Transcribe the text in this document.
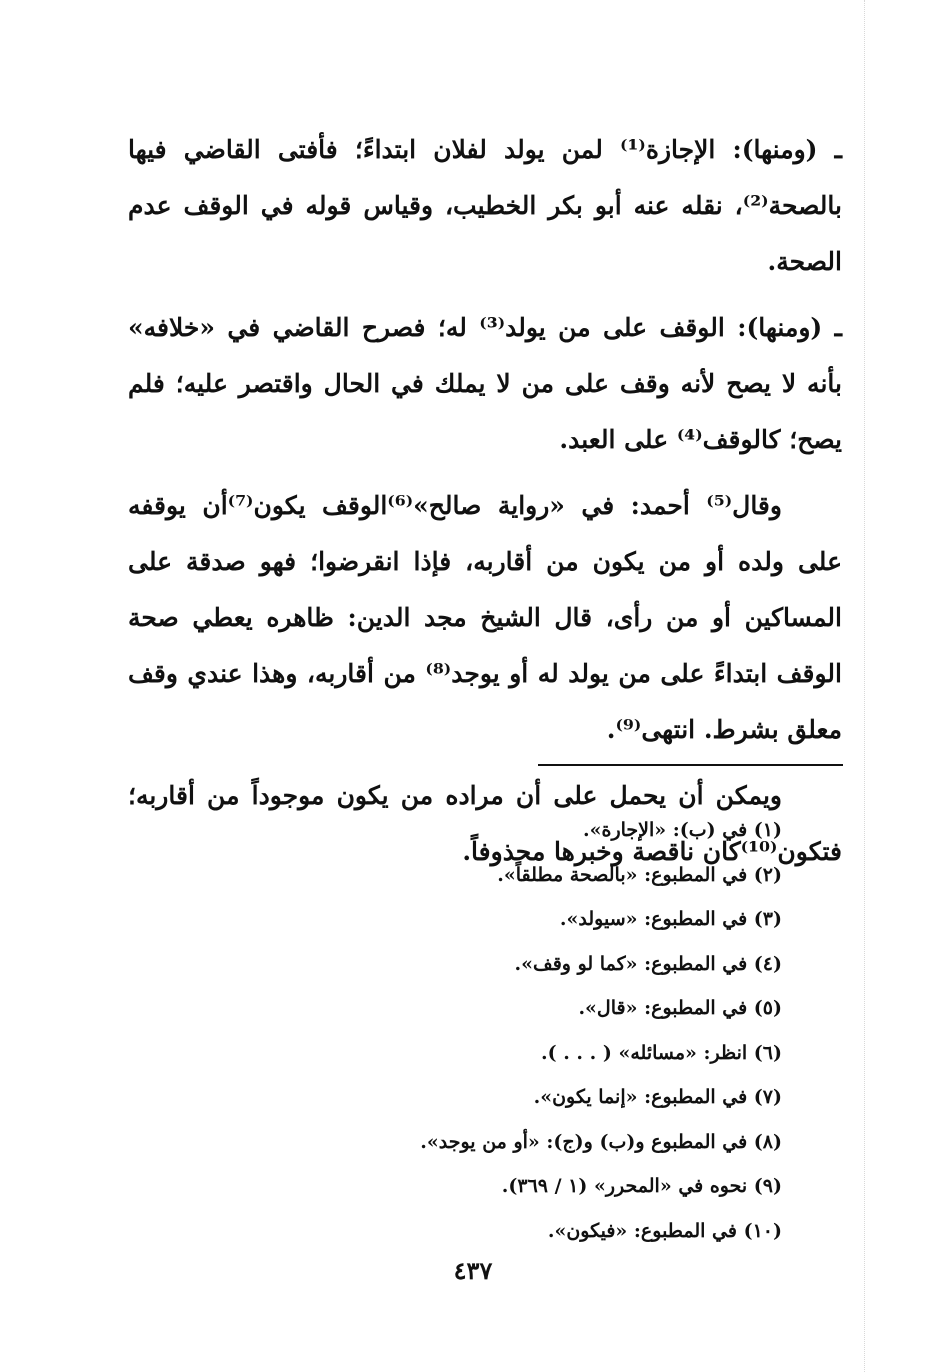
ـ (ومنها): الإجازة⁽¹⁾ لمن يولد لفلان ابتداءً؛ فأفتى القاضي فيها بالصحة⁽²⁾، نقله عنه أبو بكر الخطيب، وقياس قوله في الوقف عدم الصحة.

ـ (ومنها): الوقف على من يولد⁽³⁾ له؛ فصرح القاضي في «خلافه» بأنه لا يصح لأنه وقف على من لا يملك في الحال واقتصر عليه؛ فلم يصح؛ كالوقف⁽⁴⁾ على العبد.

وقال⁽⁵⁾ أحمد: في «رواية صالح»⁽⁶⁾الوقف يكون⁽⁷⁾أن يوقفه على ولده أو من يكون من أقاربه، فإذا انقرضوا؛ فهو صدقة على المساكين أو من رأى، قال الشيخ مجد الدين: ظاهره يعطي صحة الوقف ابتداءً على من يولد له أو يوجد⁽⁸⁾ من أقاربه، وهذا عندي وقف معلق بشرط. انتهى⁽⁹⁾.

ويمكن أن يحمل على أن مراده من يكون موجوداً من أقاربه؛ فتكون⁽¹⁰⁾كان ناقصة وخبرها محذوفاً.

(١) في (ب): «الإجارة».

(٢) في المطبوع: «بالصحة مطلقاً».

(٣) في المطبوع: «سيولد».

(٤) في المطبوع: «كما لو وقف».

(٥) في المطبوع: «قال».

(٦) انظر: «مسائله» ( . . . ).

(٧) في المطبوع: «إنما يكون».

(٨) في المطبوع و(ب) و(ج): «أو من يوجد».

(٩) نحوه في «المحرر» (١ / ٣٦٩).

(١٠) في المطبوع: «فيكون».

٤٣٧
